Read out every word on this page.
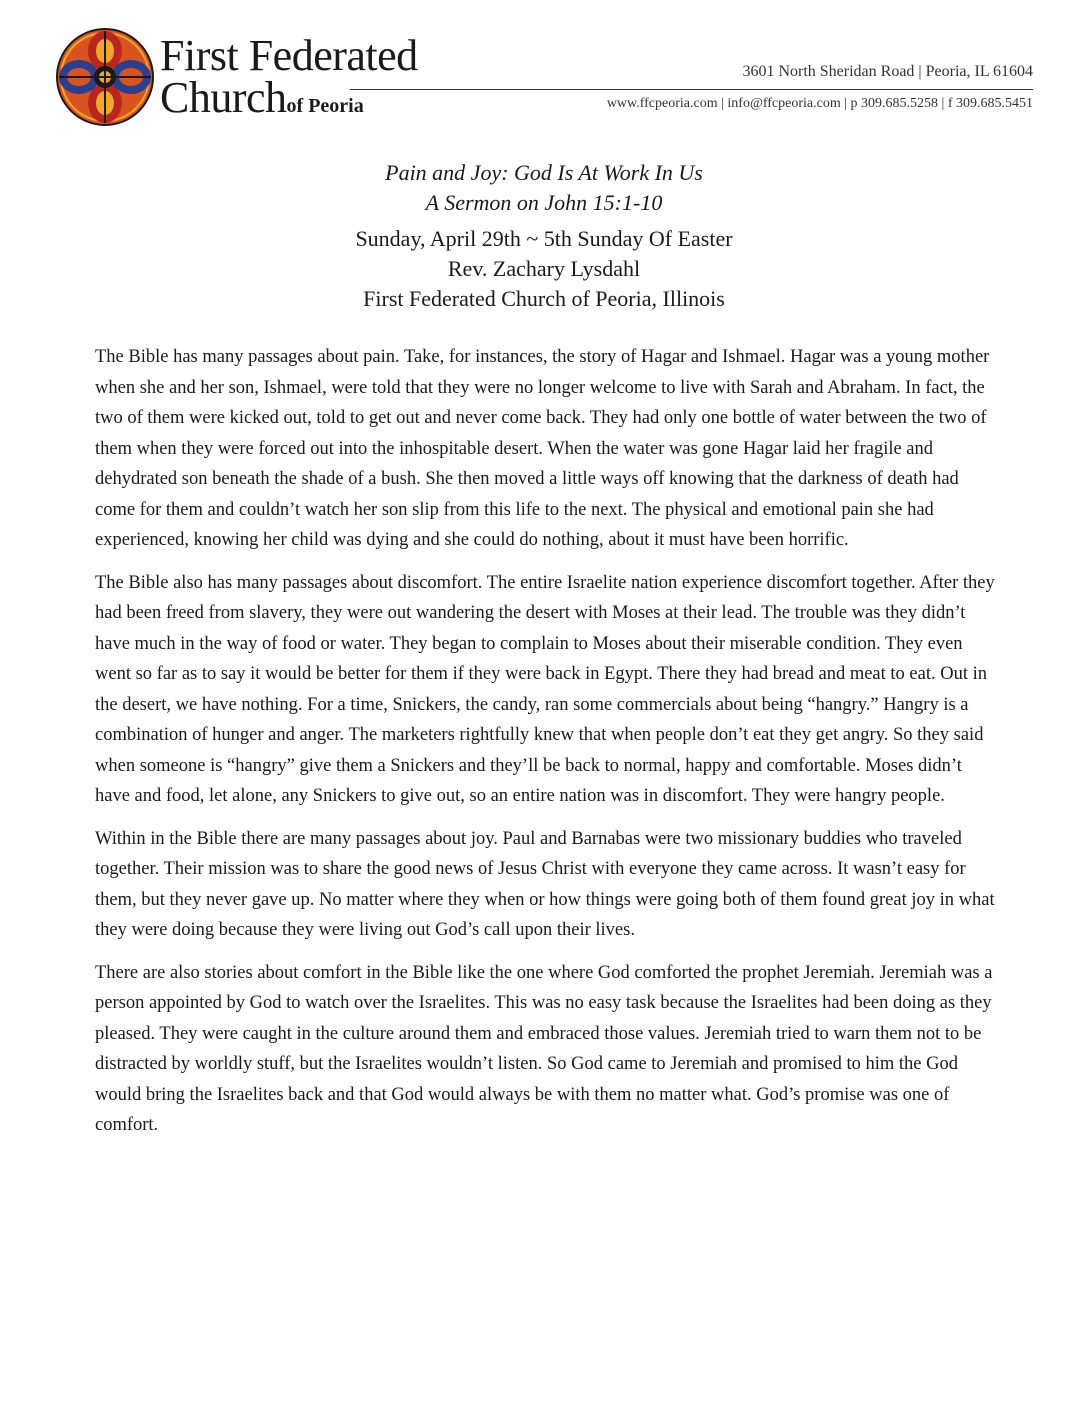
First Federated
Churchof Peoria
3601 North Sheridan Road | Peoria, IL 61604
www.ffcpeoria.com | info@ffcpeoria.com | p 309.685.5258 | f 309.685.5451
Pain and Joy: God Is At Work In Us
A Sermon on John 15:1-10
Sunday, April 29th ~ 5th Sunday Of Easter
Rev. Zachary Lysdahl
First Federated Church of Peoria, Illinois

The Bible has many passages about pain. Take, for instances, the story of Hagar and Ishmael. Hagar was a young mother when she and her son, Ishmael, were told that they were no longer welcome to live with Sarah and Abraham. In fact, the two of them were kicked out, told to get out and never come back. They had only one bottle of water between the two of them when they were forced out into the inhospitable desert. When the water was gone Hagar laid her fragile and dehydrated son beneath the shade of a bush. She then moved a little ways off knowing that the darkness of death had come for them and couldn’t watch her son slip from this life to the next. The physical and emotional pain she had experienced, knowing her child was dying and she could do nothing, about it must have been horrific.

The Bible also has many passages about discomfort. The entire Israelite nation experience discomfort together. After they had been freed from slavery, they were out wandering the desert with Moses at their lead. The trouble was they didn’t have much in the way of food or water. They began to complain to Moses about their miserable condition. They even went so far as to say it would be better for them if they were back in Egypt. There they had bread and meat to eat. Out in the desert, we have nothing. For a time, Snickers, the candy, ran some commercials about being “hangry.” Hangry is a combination of hunger and anger. The marketers rightfully knew that when people don’t eat they get angry. So they said when someone is “hangry” give them a Snickers and they’ll be back to normal, happy and comfortable. Moses didn’t have and food, let alone, any Snickers to give out, so an entire nation was in discomfort. They were hangry people.

Within in the Bible there are many passages about joy. Paul and Barnabas were two missionary buddies who traveled together. Their mission was to share the good news of Jesus Christ with everyone they came across. It wasn’t easy for them, but they never gave up. No matter where they when or how things were going both of them found great joy in what they were doing because they were living out God’s call upon their lives.

There are also stories about comfort in the Bible like the one where God comforted the prophet Jeremiah. Jeremiah was a person appointed by God to watch over the Israelites. This was no easy task because the Israelites had been doing as they pleased. They were caught in the culture around them and embraced those values. Jeremiah tried to warn them not to be distracted by worldly stuff, but the Israelites wouldn’t listen. So God came to Jeremiah and promised to him the God would bring the Israelites back and that God would always be with them no matter what. God’s promise was one of comfort.
